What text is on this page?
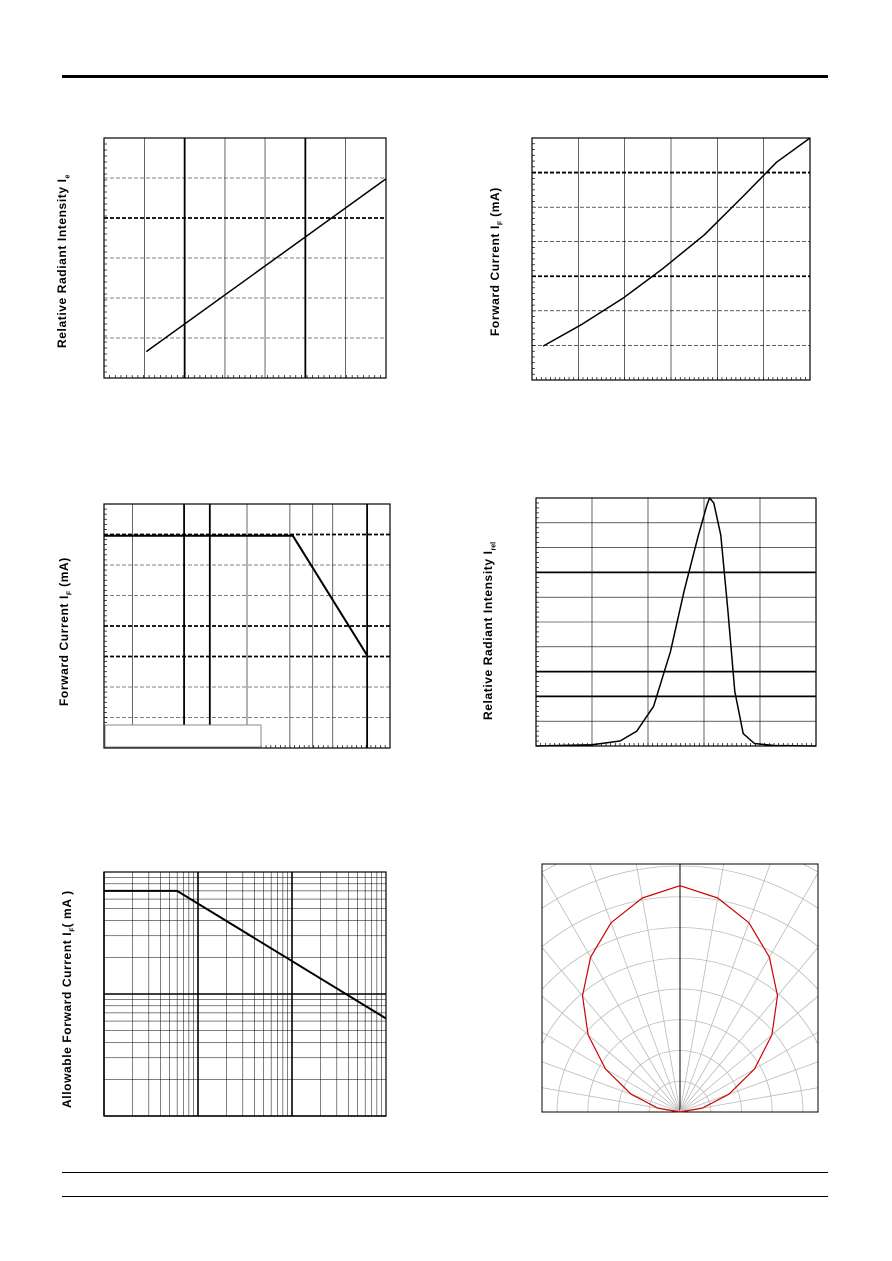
Relative Radiant Intensity $I_e$
Forward Current $I_F$ (mA)
Forward Current $I_F$ (mA)	Relative Radiant Intensity $I_{rel}$
Allowable Forward Current $I_F$( mA )
